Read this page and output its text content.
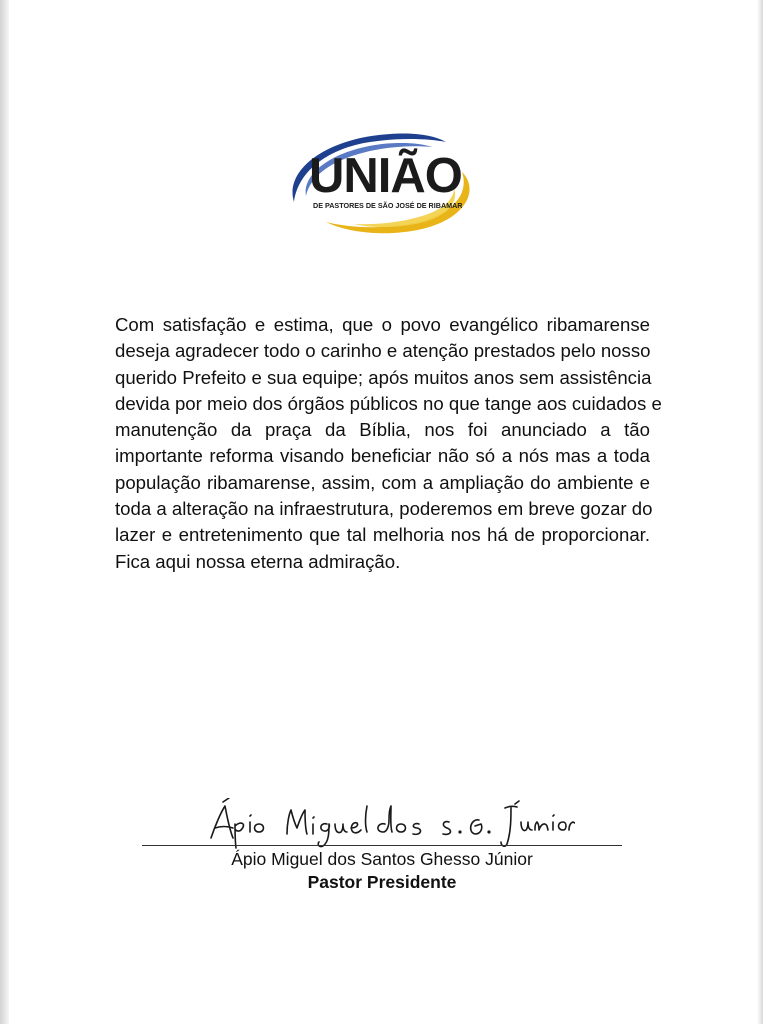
UNIÃO
DE PASTORES DE SÃO JOSÉ DE RIBAMAR
Com satisfação e estima, que o povo evangélico ribamarense
deseja agradecer todo o carinho e atenção prestados pelo nosso
querido Prefeito e sua equipe; após muitos anos sem assistência
devida por meio dos órgãos públicos no que tange aos cuidados e
manutenção da praça da Bíblia, nos foi anunciado a tão
importante reforma visando beneficiar não só a nós mas a toda
população ribamarense, assim, com a ampliação do ambiente e
toda a alteração na infraestrutura, poderemos em breve gozar do
lazer e entretenimento que tal melhoria nos há de proporcionar.
Fica aqui nossa eterna admiração.
Ápio Miguel dos Santos Ghesso Júnior
Pastor Presidente
